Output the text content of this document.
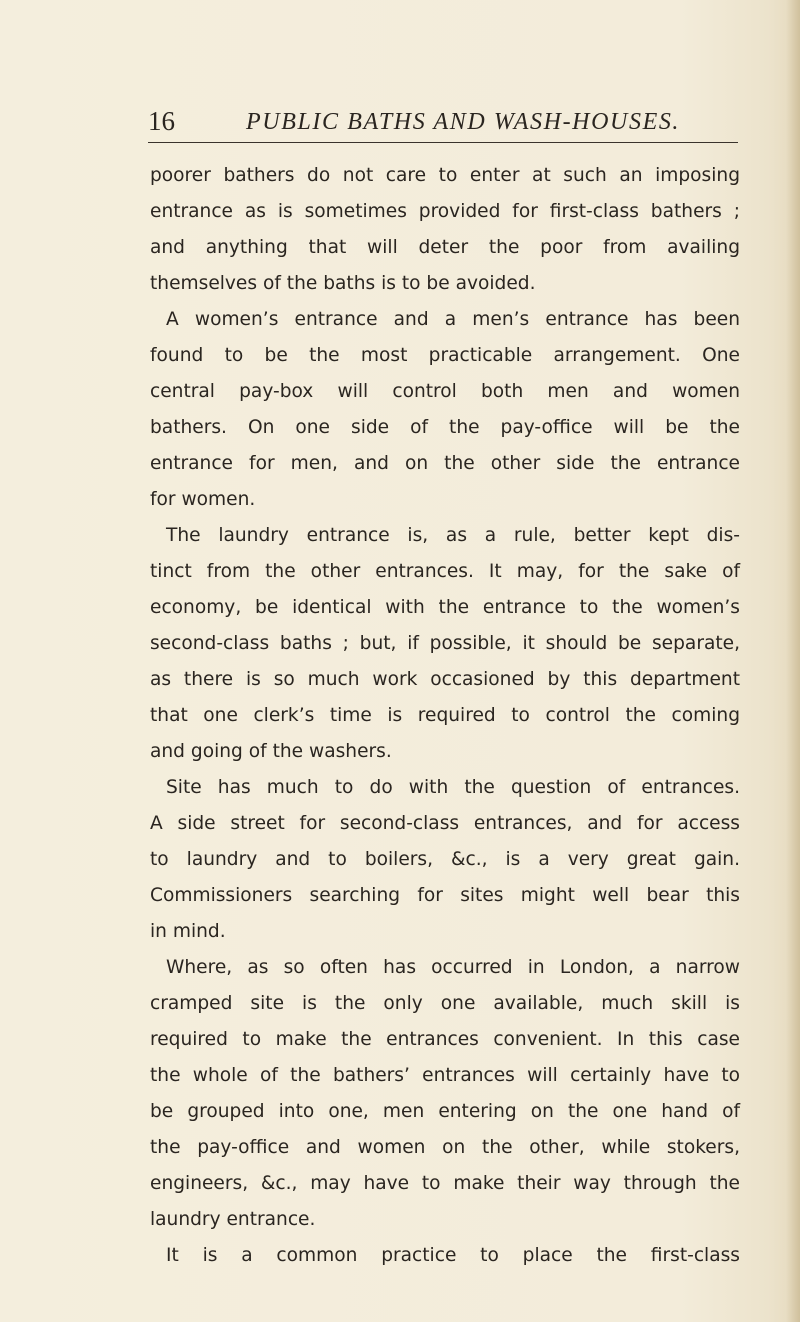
16	PUBLIC BATHS AND WASH-HOUSES.
poorer bathers do not care to enter at such an imposing
entrance as is sometimes provided for first-class bathers ;
and anything that will deter the poor from availing
themselves of the baths is to be avoided.
A women’s entrance and a men’s entrance has been
found to be the most practicable arrangement. One
central pay-box will control both men and women
bathers. On one side of the pay-office will be the
entrance for men, and on the other side the entrance
for women.
The laundry entrance is, as a rule, better kept dis-
tinct from the other entrances. It may, for the sake of
economy, be identical with the entrance to the women’s
second-class baths ; but, if possible, it should be separate,
as there is so much work occasioned by this department
that one clerk’s time is required to control the coming
and going of the washers.
Site has much to do with the question of entrances.
A side street for second-class entrances, and for access
to laundry and to boilers, &c., is a very great gain.
Commissioners searching for sites might well bear this
in mind.
Where, as so often has occurred in London, a narrow
cramped site is the only one available, much skill is
required to make the entrances convenient. In this case
the whole of the bathers’ entrances will certainly have to
be grouped into one, men entering on the one hand of
the pay-office and women on the other, while stokers,
engineers, &c., may have to make their way through the
laundry entrance.
It is a common practice to place the first-class
